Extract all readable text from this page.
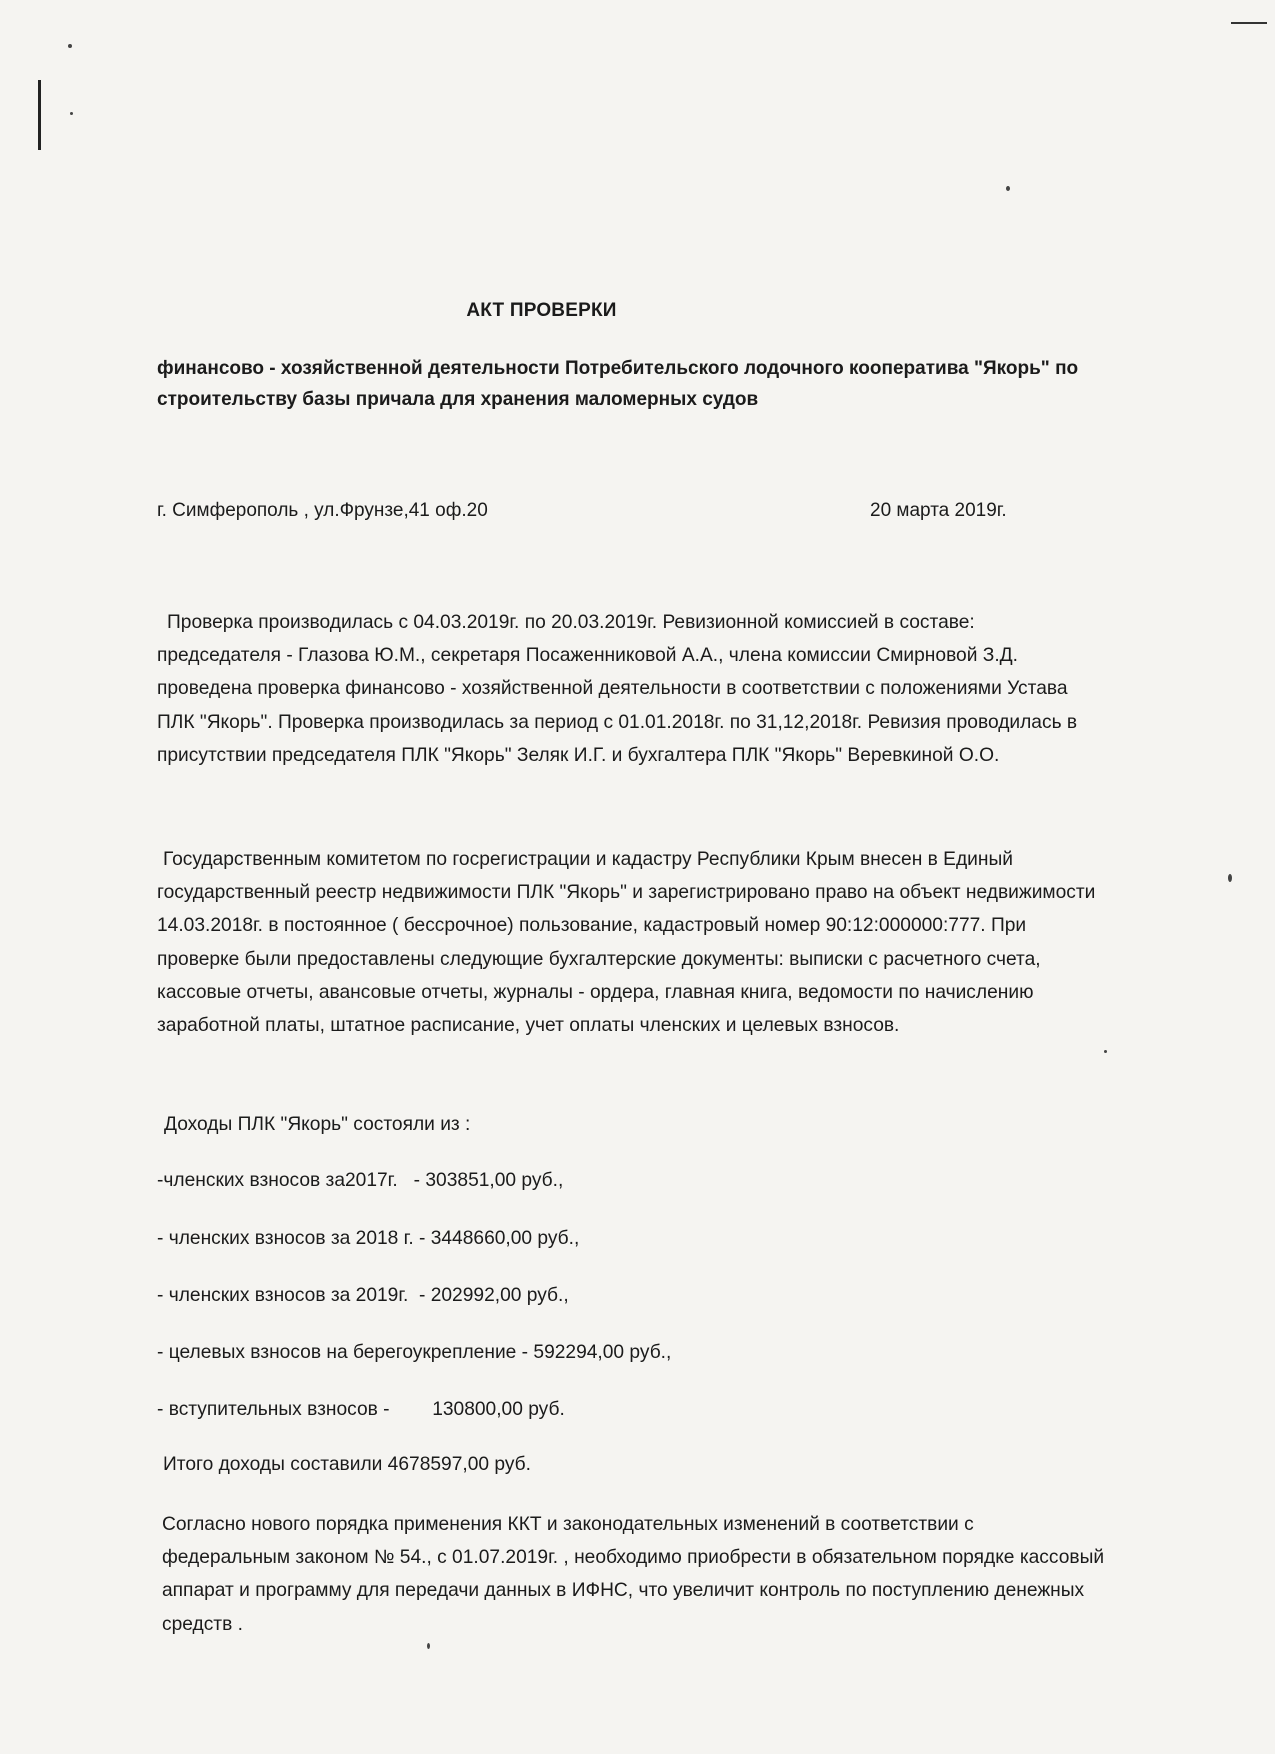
АКТ ПРОВЕРКИ
финансово - хозяйственной деятельности Потребительского лодочного кооператива "Якорь" по строительству базы причала для хранения маломерных судов
г. Симферополь , ул.Фрунзе,41 оф.20	20 марта 2019г.
Проверка производилась с 04.03.2019г. по 20.03.2019г. Ревизионной комиссией в составе: председателя - Глазова Ю.М., секретаря Посаженниковой А.А., члена комиссии Смирновой З.Д. проведена проверка финансово - хозяйственной деятельности в соответствии с положениями Устава ПЛК "Якорь". Проверка производилась за период с 01.01.2018г. по 31,12,2018г. Ревизия проводилась в присутствии председателя ПЛК "Якорь" Зеляк И.Г. и бухгалтера ПЛК "Якорь" Веревкиной О.О.
Государственным комитетом по госрегистрации и кадастру Республики Крым внесен в Единый государственный реестр недвижимости ПЛК "Якорь" и зарегистрировано право на объект недвижимости 14.03.2018г. в постоянное ( бессрочное) пользование, кадастровый номер 90:12:000000:777. При проверке были предоставлены следующие бухгалтерские документы: выписки с расчетного счета, кассовые отчеты, авансовые отчеты, журналы - ордера, главная книга, ведомости по начислению заработной платы, штатное расписание, учет оплаты членских и целевых взносов.
Доходы ПЛК "Якорь" состояли из :
-членских взносов за2017г.   - 303851,00 руб.,
- членских взносов за 2018 г. - 3448660,00 руб.,
- членских взносов за 2019г.  - 202992,00 руб.,
- целевых взносов на берегоукрепление - 592294,00 руб.,
- вступительных взносов -        130800,00 руб.
Итого доходы составили 4678597,00 руб.
Согласно нового порядка применения ККТ и законодательных изменений в соответствии с федеральным законом № 54., с 01.07.2019г. , необходимо приобрести в обязательном порядке кассовый аппарат и программу для передачи данных в ИФНС, что увеличит контроль по поступлению денежных средств .
